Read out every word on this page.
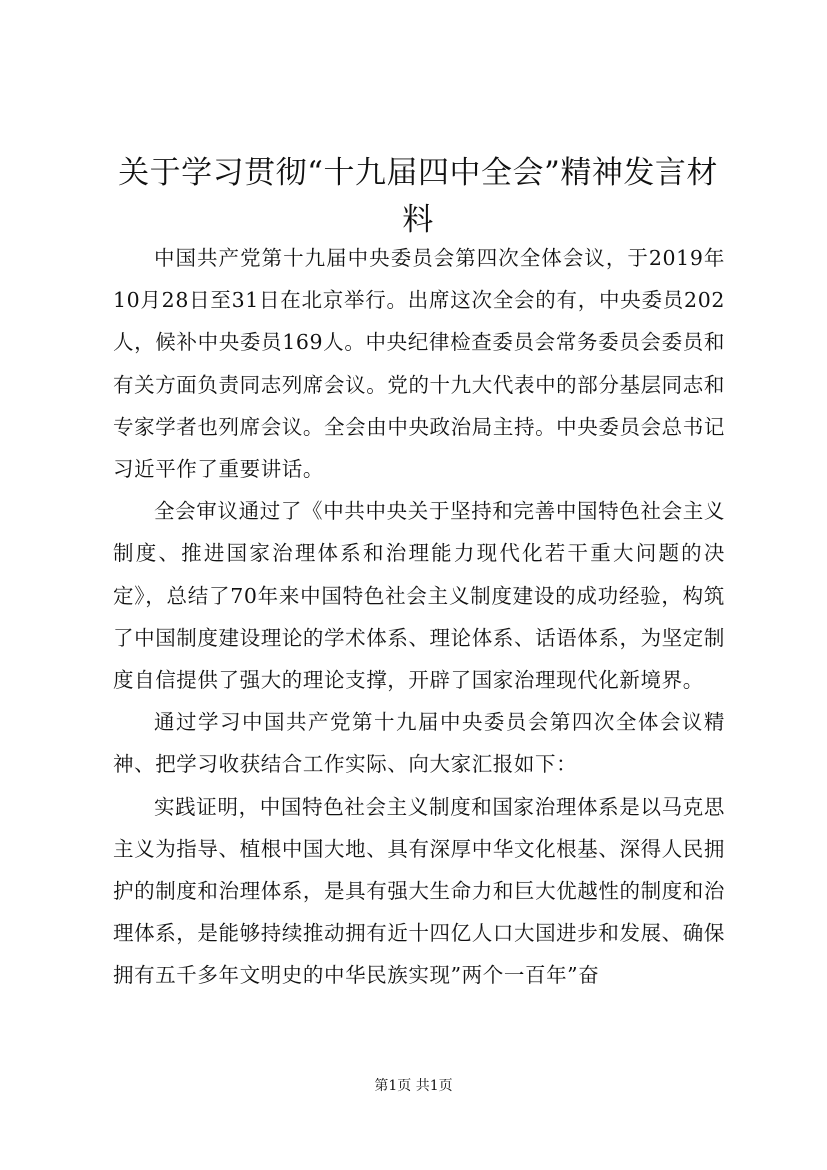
关于学习贯彻“十九届四中全会”精神发言材料

中国共产党第十九届中央委员会第四次全体会议，于2019年10月28日至31日在北京举行。出席这次全会的有，中央委员202人，候补中央委员169人。中央纪律检查委员会常务委员会委员和有关方面负责同志列席会议。党的十九大代表中的部分基层同志和专家学者也列席会议。全会由中央政治局主持。中央委员会总书记习近平作了重要讲话。

全会审议通过了《中共中央关于坚持和完善中国特色社会主义制度、推进国家治理体系和治理能力现代化若干重大问题的决定》，总结了70年来中国特色社会主义制度建设的成功经验，构筑了中国制度建设理论的学术体系、理论体系、话语体系，为坚定制度自信提供了强大的理论支撑，开辟了国家治理现代化新境界。

通过学习中国共产党第十九届中央委员会第四次全体会议精神、把学习收获结合工作实际、向大家汇报如下：

实践证明，中国特色社会主义制度和国家治理体系是以马克思主义为指导、植根中国大地、具有深厚中华文化根基、深得人民拥护的制度和治理体系，是具有强大生命力和巨大优越性的制度和治理体系，是能够持续推动拥有近十四亿人口大国进步和发展、确保拥有五千多年文明史的中华民族实现”两个一百年”奋

第1页 共1页
